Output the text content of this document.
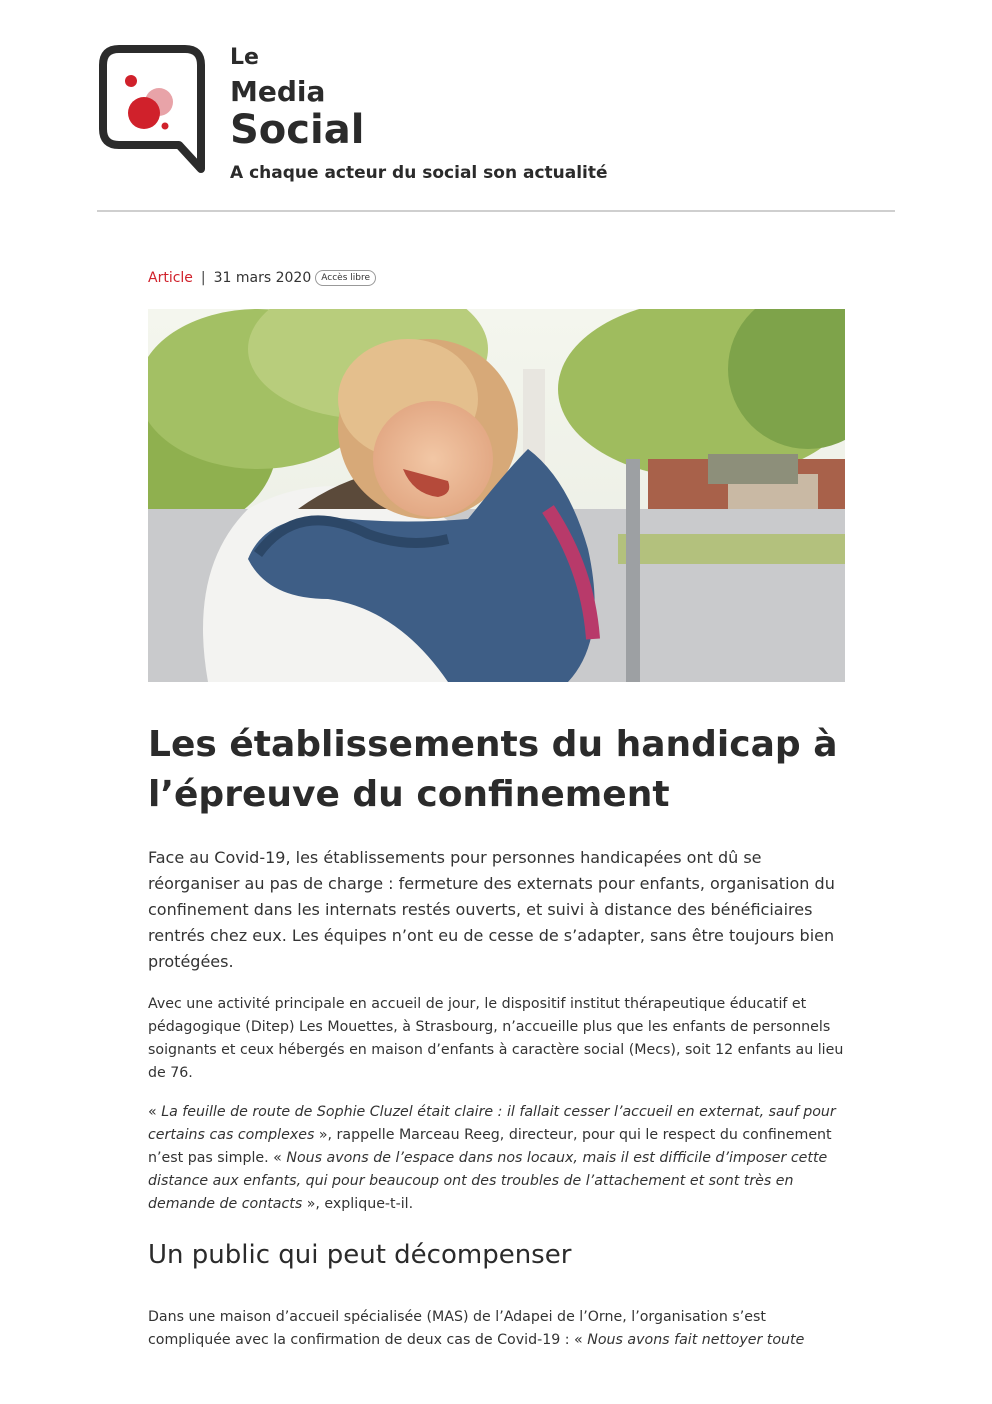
Le
Media
Social
A chaque acteur du social son actualité
Article | 31 mars 2020	Accès libre
Les établissements du handicap à l’épreuve du confinement

Face au Covid-19, les établissements pour personnes handicapées ont dû se réorganiser au pas de charge : fermeture des externats pour enfants, organisation du confinement dans les internats restés ouverts, et suivi à distance des bénéficiaires rentrés chez eux. Les équipes n’ont eu de cesse de s’adapter, sans être toujours bien protégées.

Avec une activité principale en accueil de jour, le dispositif institut thérapeutique éducatif et pédagogique (Ditep) Les Mouettes, à Strasbourg, n’accueille plus que les enfants de personnels soignants et ceux hébergés en maison d’enfants à caractère social (Mecs), soit 12 enfants au lieu de 76.

« La feuille de route de Sophie Cluzel était claire : il fallait cesser l’accueil en externat, sauf pour certains cas complexes », rappelle Marceau Reeg, directeur, pour qui le respect du confinement n’est pas simple. « Nous avons de l’espace dans nos locaux, mais il est difficile d’imposer cette distance aux enfants, qui pour beaucoup ont des troubles de l’attachement et sont très en demande de contacts », explique-t-il.

Un public qui peut décompenser

Dans une maison d’accueil spécialisée (MAS) de l’Adapei de l’Orne, l’organisation s’est compliquée avec la confirmation de deux cas de Covid-19 : « Nous avons fait nettoyer toute
